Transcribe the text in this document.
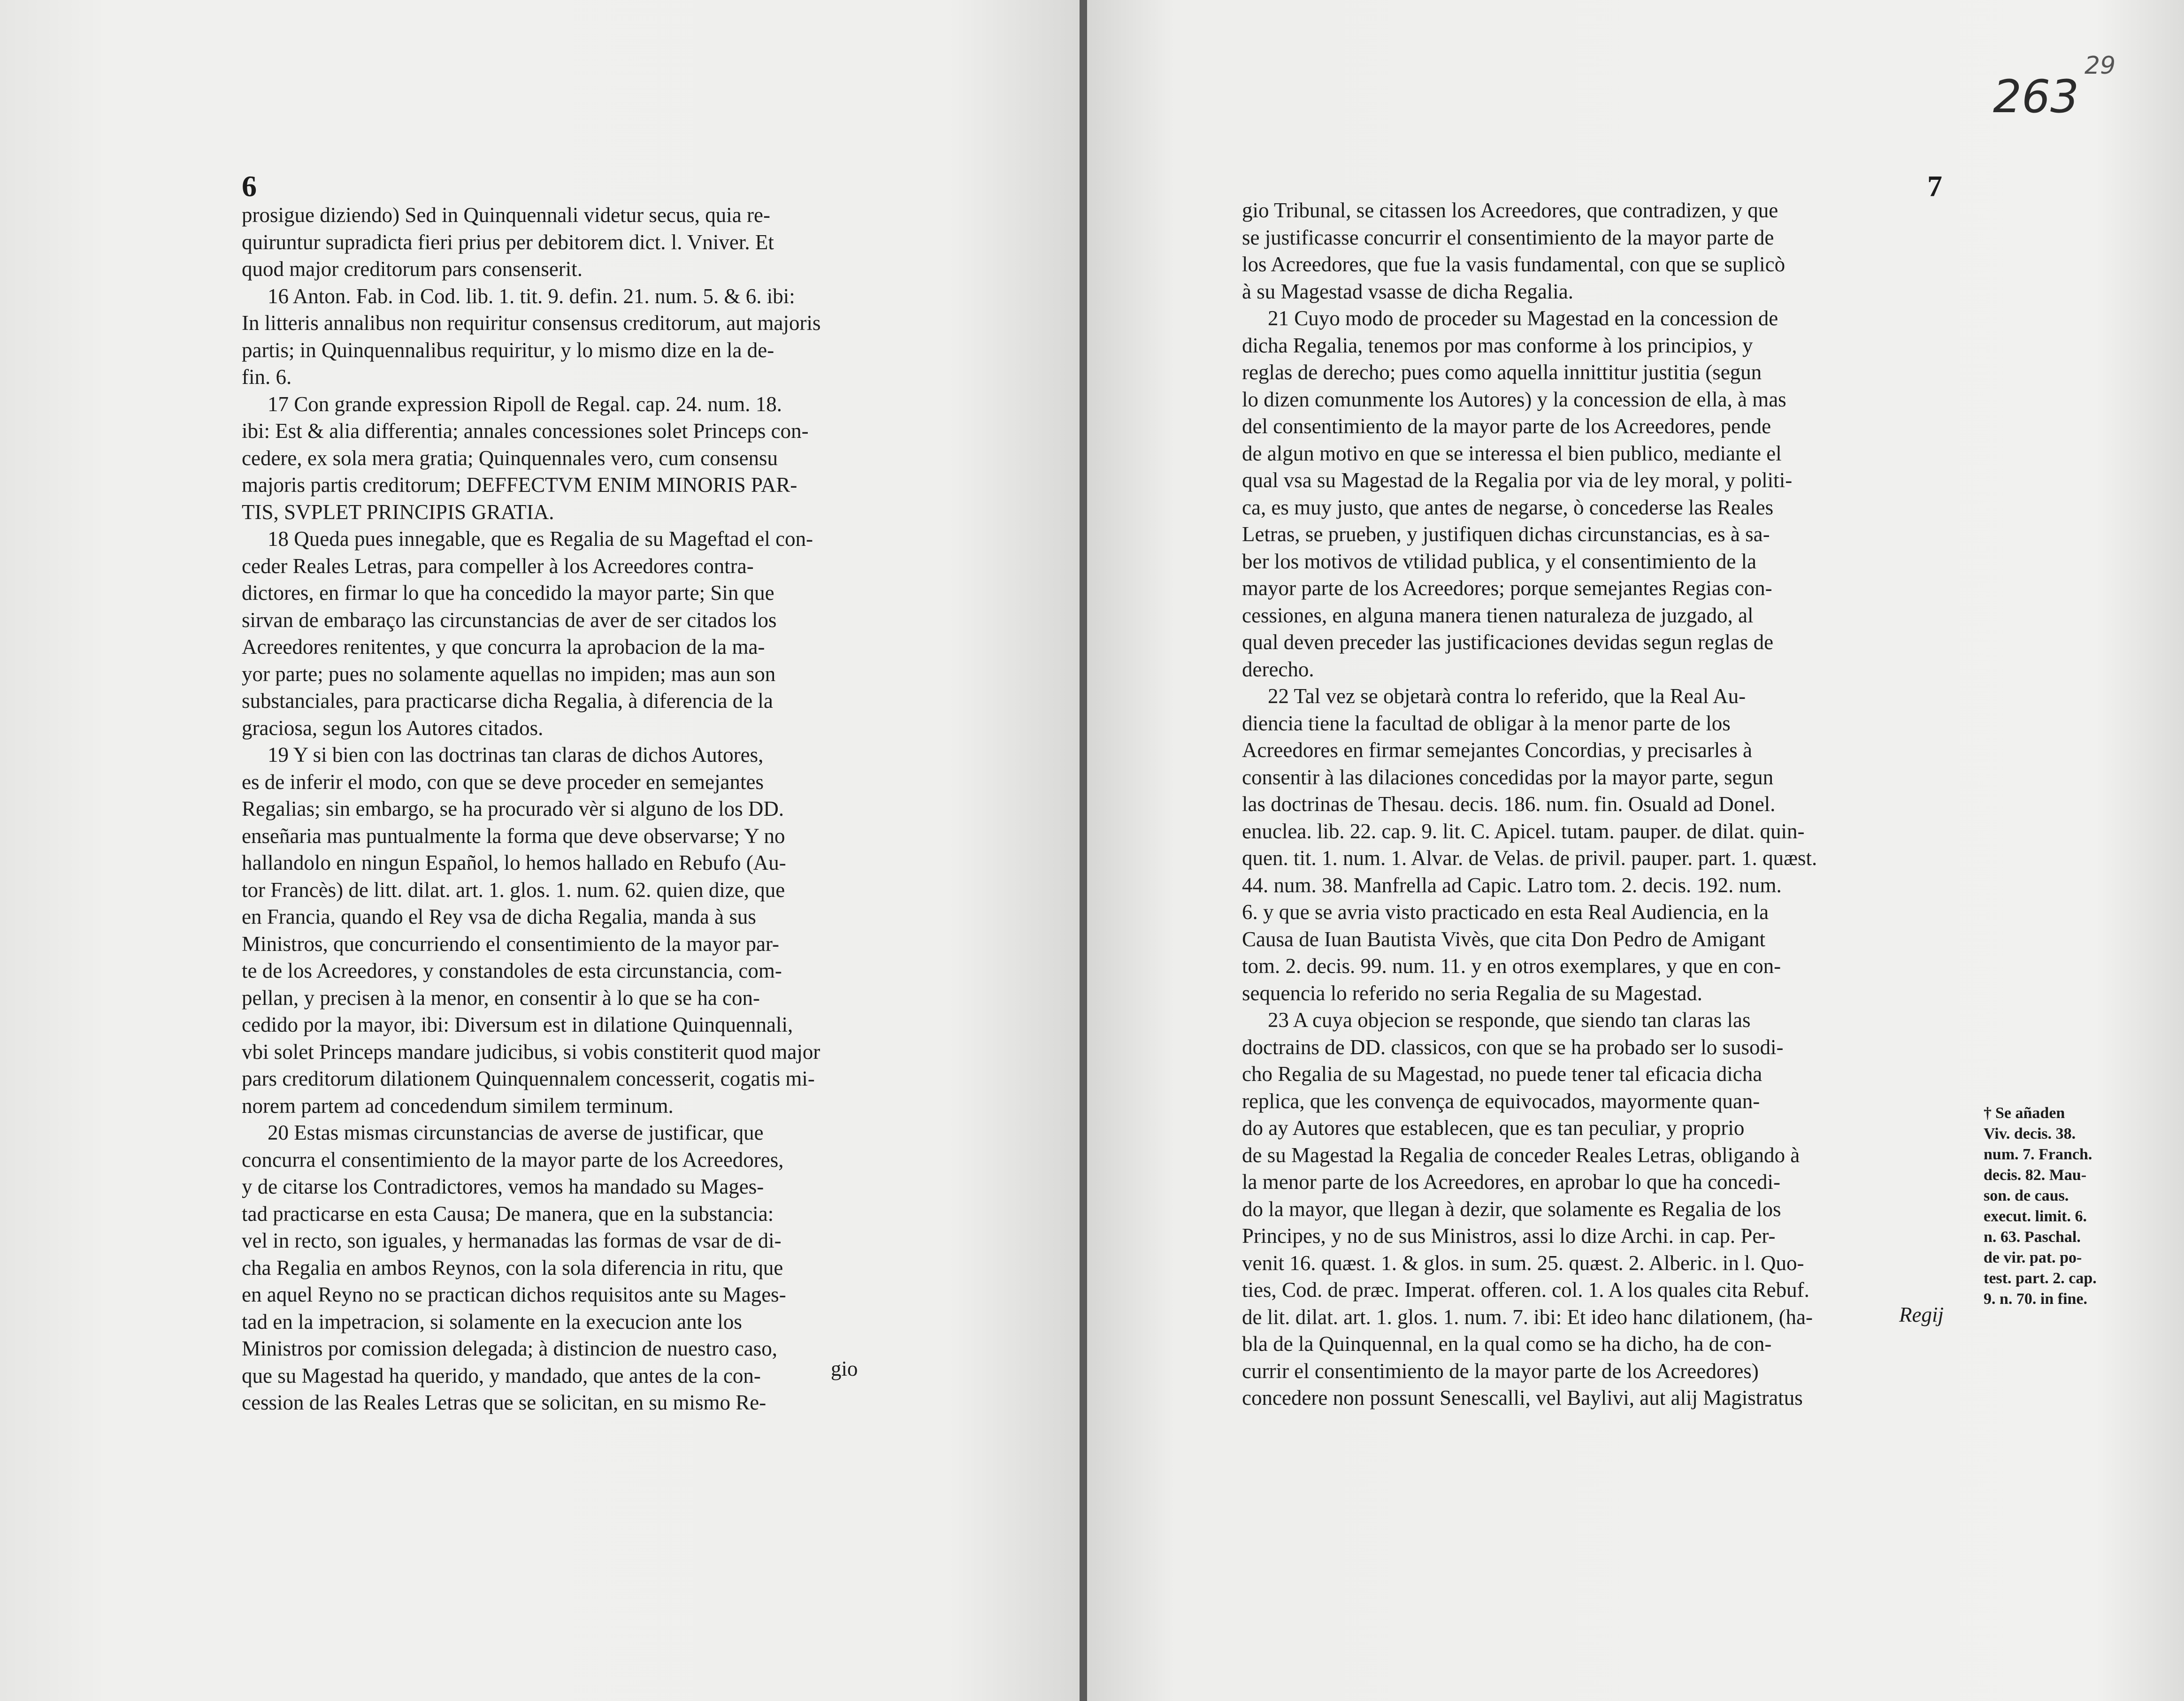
6

prosigue diziendo) Sed in Quinquennali videtur secus, quia re-

quiruntur supradicta fieri prius per debitorem dict. l. Vniver. Et

quod major creditorum pars consenserit.

16 Anton. Fab. in Cod. lib. 1. tit. 9. defin. 21. num. 5. & 6. ibi:

In litteris annalibus non requiritur consensus creditorum, aut majoris

partis; in Quinquennalibus requiritur, y lo mismo dize en la de-

fin. 6.

17 Con grande expression Ripoll de Regal. cap. 24. num. 18.

ibi: Est & alia differentia; annales concessiones solet Princeps con-

cedere, ex sola mera gratia; Quinquennales vero, cum consensu

majoris partis creditorum; DEFFECTVM ENIM MINORIS PAR-

TIS, SVPLET PRINCIPIS GRATIA.

18 Queda pues innegable, que es Regalia de su Mageftad el con-

ceder Reales Letras, para compeller à los Acreedores contra-

dictores, en firmar lo que ha concedido la mayor parte; Sin que

sirvan de embaraço las circunstancias de aver de ser citados los

Acreedores renitentes, y que concurra la aprobacion de la ma-

yor parte; pues no solamente aquellas no impiden; mas aun son

substanciales, para practicarse dicha Regalia, à diferencia de la

graciosa, segun los Autores citados.

19 Y si bien con las doctrinas tan claras de dichos Autores,

es de inferir el modo, con que se deve proceder en semejantes

Regalias; sin embargo, se ha procurado vèr si alguno de los DD.

enseñaria mas puntualmente la forma que deve observarse; Y no

hallandolo en ningun Español, lo hemos hallado en Rebufo (Au-

tor Francès) de litt. dilat. art. 1. glos. 1. num. 62. quien dize, que

en Francia, quando el Rey vsa de dicha Regalia, manda à sus

Ministros, que concurriendo el consentimiento de la mayor par-

te de los Acreedores, y constandoles de esta circunstancia, com-

pellan, y precisen à la menor, en consentir à lo que se ha con-

cedido por la mayor, ibi: Diversum est in dilatione Quinquennali,

vbi solet Princeps mandare judicibus, si vobis constiterit quod major

pars creditorum dilationem Quinquennalem concesserit, cogatis mi-

norem partem ad concedendum similem terminum.

20 Estas mismas circunstancias de averse de justificar, que

concurra el consentimiento de la mayor parte de los Acreedores,

y de citarse los Contradictores, vemos ha mandado su Mages-

tad practicarse en esta Causa; De manera, que en la substancia:

vel in recto, son iguales, y hermanadas las formas de vsar de di-

cha Regalia en ambos Reynos, con la sola diferencia in ritu, que

en aquel Reyno no se practican dichos requisitos ante su Mages-

tad en la impetracion, si solamente en la execucion ante los

Ministros por comission delegada; à distincion de nuestro caso,

que su Magestad ha querido, y mandado, que antes de la con-

cession de las Reales Letras que se solicitan, en su mismo Re-

gio
263
29
7

gio Tribunal, se citassen los Acreedores, que contradizen, y que

se justificasse concurrir el consentimiento de la mayor parte de

los Acreedores, que fue la vasis fundamental, con que se suplicò

à su Magestad vsasse de dicha Regalia.

21 Cuyo modo de proceder su Magestad en la concession de

dicha Regalia, tenemos por mas conforme à los principios, y

reglas de derecho; pues como aquella innittitur justitia (segun

lo dizen comunmente los Autores) y la concession de ella, à mas

del consentimiento de la mayor parte de los Acreedores, pende

de algun motivo en que se interessa el bien publico, mediante el

qual vsa su Magestad de la Regalia por via de ley moral, y politi-

ca, es muy justo, que antes de negarse, ò concederse las Reales

Letras, se prueben, y justifiquen dichas circunstancias, es à sa-

ber los motivos de vtilidad publica, y el consentimiento de la

mayor parte de los Acreedores; porque semejantes Regias con-

cessiones, en alguna manera tienen naturaleza de juzgado, al

qual deven preceder las justificaciones devidas segun reglas de

derecho.

22 Tal vez se objetarà contra lo referido, que la Real Au-

diencia tiene la facultad de obligar à la menor parte de los

Acreedores en firmar semejantes Concordias, y precisarles à

consentir à las dilaciones concedidas por la mayor parte, segun

las doctrinas de Thesau. decis. 186. num. fin. Osuald ad Donel.

enuclea. lib. 22. cap. 9. lit. C. Apicel. tutam. pauper. de dilat. quin-

quen. tit. 1. num. 1. Alvar. de Velas. de privil. pauper. part. 1. quæst.

44. num. 38. Manfrella ad Capic. Latro tom. 2. decis. 192. num.

6. y que se avria visto practicado en esta Real Audiencia, en la

Causa de Iuan Bautista Vivès, que cita Don Pedro de Amigant

tom. 2. decis. 99. num. 11. y en otros exemplares, y que en con-

sequencia lo referido no seria Regalia de su Magestad.

23 A cuya objecion se responde, que siendo tan claras las

doctrains de DD. classicos, con que se ha probado ser lo susodi-

cho Regalia de su Magestad, no puede tener tal eficacia dicha

replica, que les convença de equivocados, mayormente quan-

do ay Autores que establecen, que es tan peculiar, y proprio

de su Magestad la Regalia de conceder Reales Letras, obligando à

la menor parte de los Acreedores, en aprobar lo que ha concedi-

do la mayor, que llegan à dezir, que solamente es Regalia de los

Principes, y no de sus Ministros, assi lo dize Archi. in cap. Per-

venit 16. quæst. 1. & glos. in sum. 25. quæst. 2. Alberic. in l. Quo-

ties, Cod. de præc. Imperat. offeren. col. 1. A los quales cita Rebuf.

de lit. dilat. art. 1. glos. 1. num. 7. ibi: Et ideo hanc dilationem, (ha-

bla de la Quinquennal, en la qual como se ha dicho, ha de con-

currir el consentimiento de la mayor parte de los Acreedores)

concedere non possunt Senescalli, vel Baylivi, aut alij Magistratus

Regij
† Se añaden
Viv. decis. 38.
num. 7. Franch.
decis. 82. Mau-
son. de caus.
execut. limit. 6.
n. 63. Paschal.
de vir. pat. po-
test. part. 2. cap.
9. n. 70. in fine.
